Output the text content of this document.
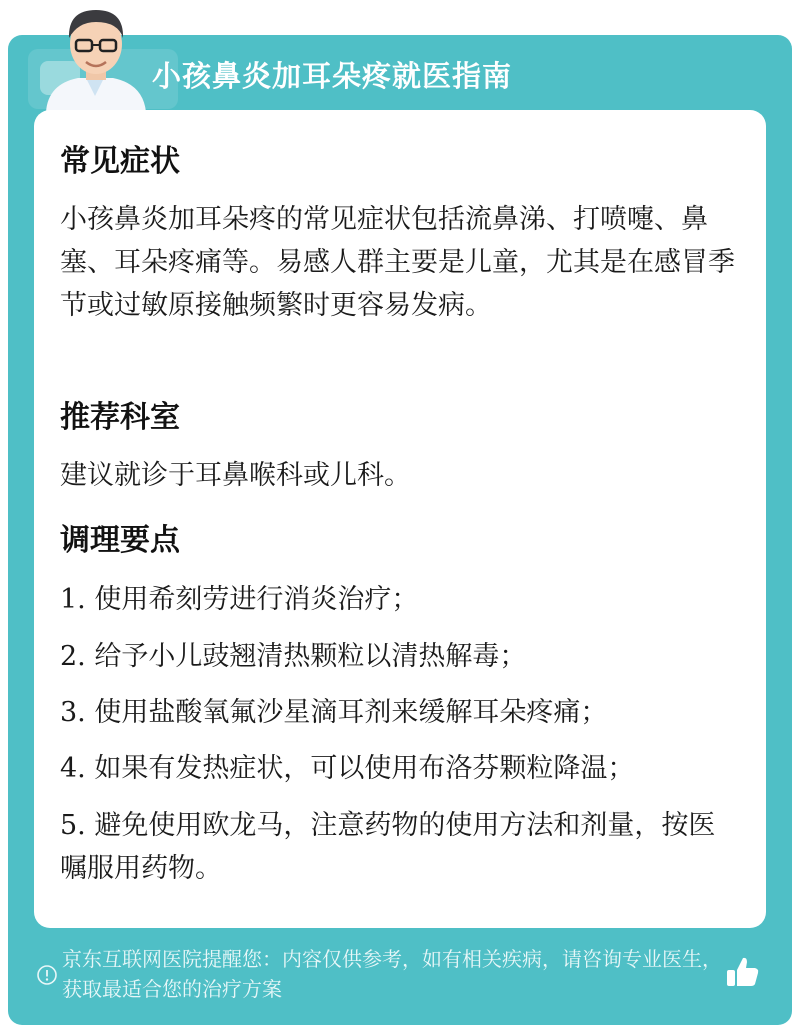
小孩鼻炎加耳朵疼就医指南
常见症状
小孩鼻炎加耳朵疼的常见症状包括流鼻涕、打喷嚏、鼻塞、耳朵疼痛等。易感人群主要是儿童，尤其是在感冒季节或过敏原接触频繁时更容易发病。
推荐科室
建议就诊于耳鼻喉科或儿科。
调理要点
1. 使用希刻劳进行消炎治疗；
2. 给予小儿豉翘清热颗粒以清热解毒；
3. 使用盐酸氧氟沙星滴耳剂来缓解耳朵疼痛；
4. 如果有发热症状，可以使用布洛芬颗粒降温；
5. 避免使用欧龙马，注意药物的使用方法和剂量，按医嘱服用药物。
京东互联网医院提醒您：内容仅供参考，如有相关疾病，请咨询专业医生，获取最适合您的治疗方案
